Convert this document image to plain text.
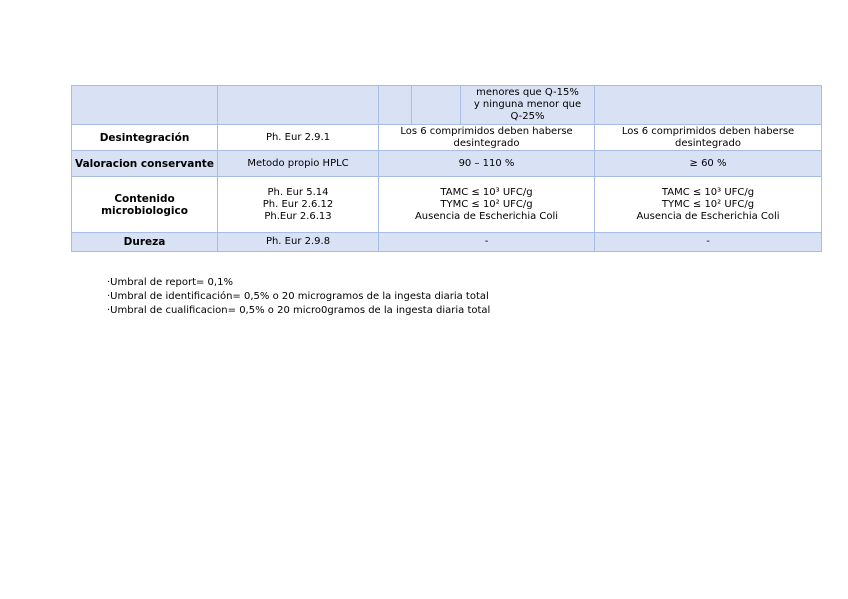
				menores que Q-15%
y ninguna menor que
Q-25%	

Desintegración	Ph. Eur 2.9.1	Los 6 comprimidos deben haberse desintegrado			Los 6 comprimidos deben haberse desintegrado
Valoracion conservante	Metodo propio HPLC	90 – 110 %			≥ 60 %
Contenido microbiologico	Ph. Eur 5.14
Ph. Eur 2.6.12
Ph.Eur 2.6.13	TAMC ≤ 10³ UFC/g
TYMC ≤ 10² UFC/g
Ausencia de Escherichia Coli			TAMC ≤ 10³ UFC/g
TYMC ≤ 10² UFC/g
Ausencia de Escherichia Coli

Dureza	Ph. Eur 2.9.8	-			-
·Umbral de report= 0,1%
·Umbral de identificación= 0,5% o 20 microgramos de la ingesta diaria total
·Umbral de cualificacion= 0,5% o 20 micro0gramos de la ingesta diaria total
